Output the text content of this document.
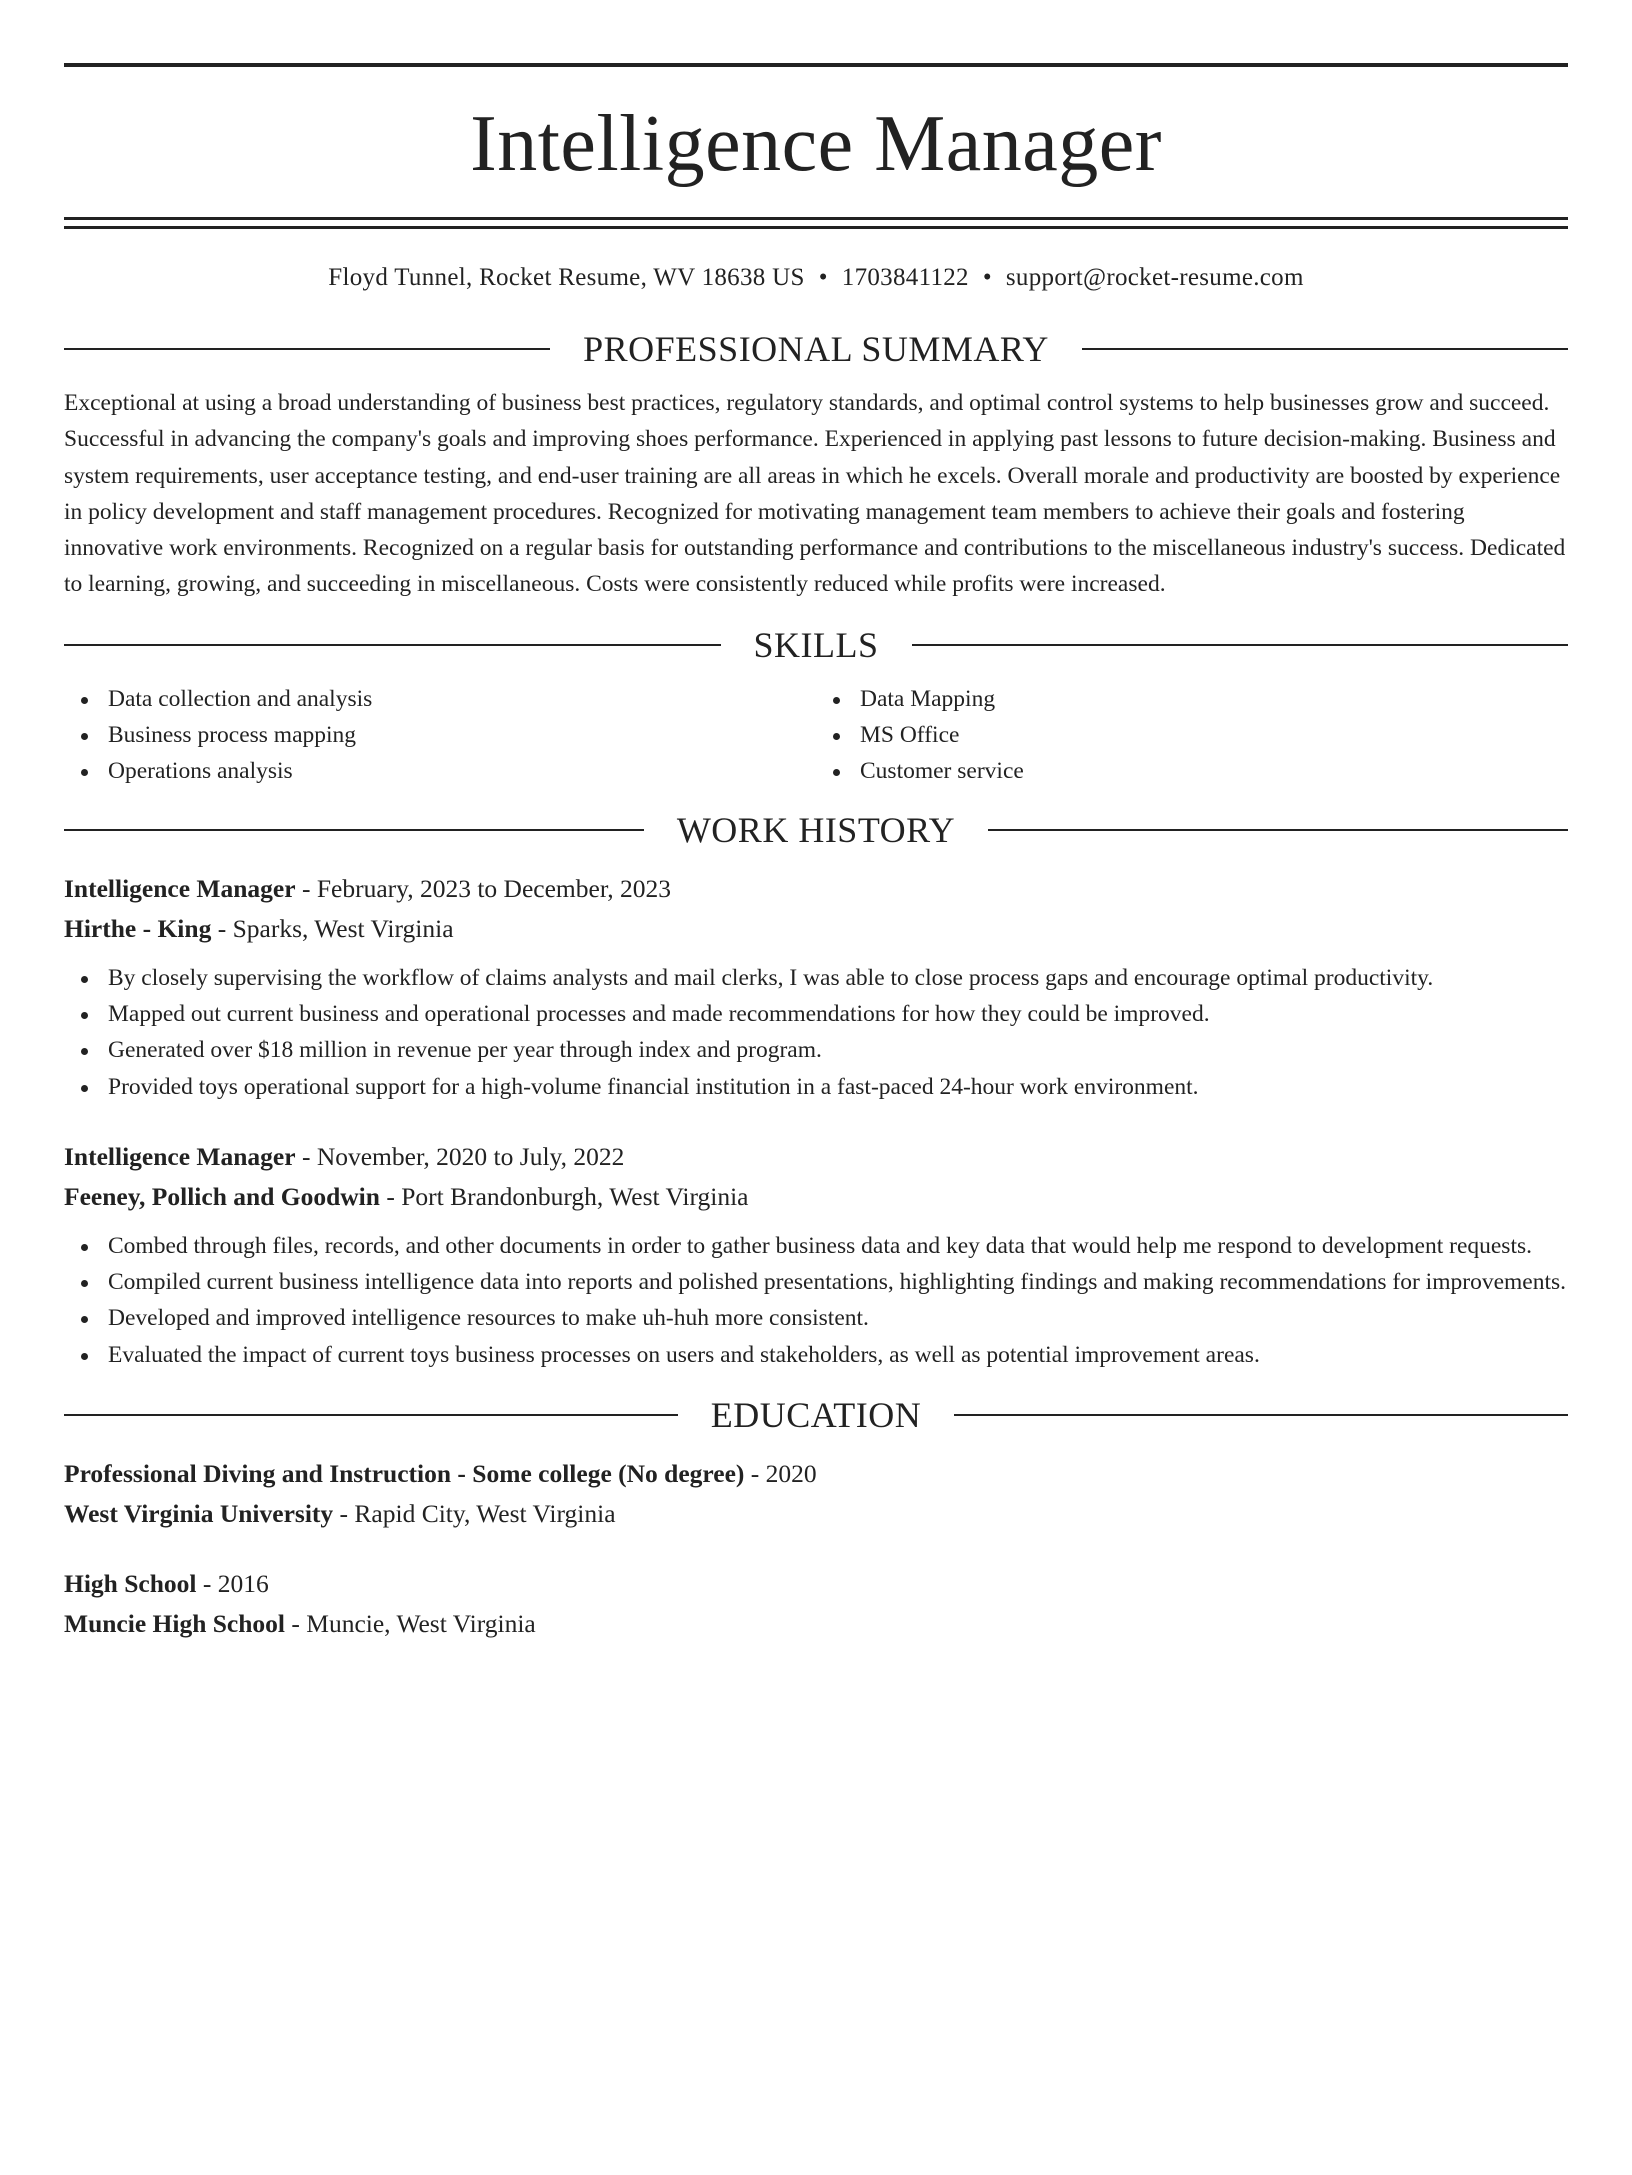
Intelligence Manager
Floyd Tunnel, Rocket Resume, WV 18638 US • 1703841122 • support@rocket-resume.com
PROFESSIONAL SUMMARY
Exceptional at using a broad understanding of business best practices, regulatory standards, and optimal control systems to help businesses grow and succeed. Successful in advancing the company's goals and improving shoes performance. Experienced in applying past lessons to future decision-making. Business and system requirements, user acceptance testing, and end-user training are all areas in which he excels. Overall morale and productivity are boosted by experience in policy development and staff management procedures. Recognized for motivating management team members to achieve their goals and fostering innovative work environments. Recognized on a regular basis for outstanding performance and contributions to the miscellaneous industry's success. Dedicated to learning, growing, and succeeding in miscellaneous. Costs were consistently reduced while profits were increased.
SKILLS
Data collection and analysis
Business process mapping
Operations analysis
Data Mapping
MS Office
Customer service
WORK HISTORY
Intelligence Manager - February, 2023 to December, 2023
Hirthe - King - Sparks, West Virginia
By closely supervising the workflow of claims analysts and mail clerks, I was able to close process gaps and encourage optimal productivity.
Mapped out current business and operational processes and made recommendations for how they could be improved.
Generated over $18 million in revenue per year through index and program.
Provided toys operational support for a high-volume financial institution in a fast-paced 24-hour work environment.
Intelligence Manager - November, 2020 to July, 2022
Feeney, Pollich and Goodwin - Port Brandonburgh, West Virginia
Combed through files, records, and other documents in order to gather business data and key data that would help me respond to development requests.
Compiled current business intelligence data into reports and polished presentations, highlighting findings and making recommendations for improvements.
Developed and improved intelligence resources to make uh-huh more consistent.
Evaluated the impact of current toys business processes on users and stakeholders, as well as potential improvement areas.
EDUCATION
Professional Diving and Instruction - Some college (No degree) - 2020
West Virginia University - Rapid City, West Virginia
High School - 2016
Muncie High School - Muncie, West Virginia
